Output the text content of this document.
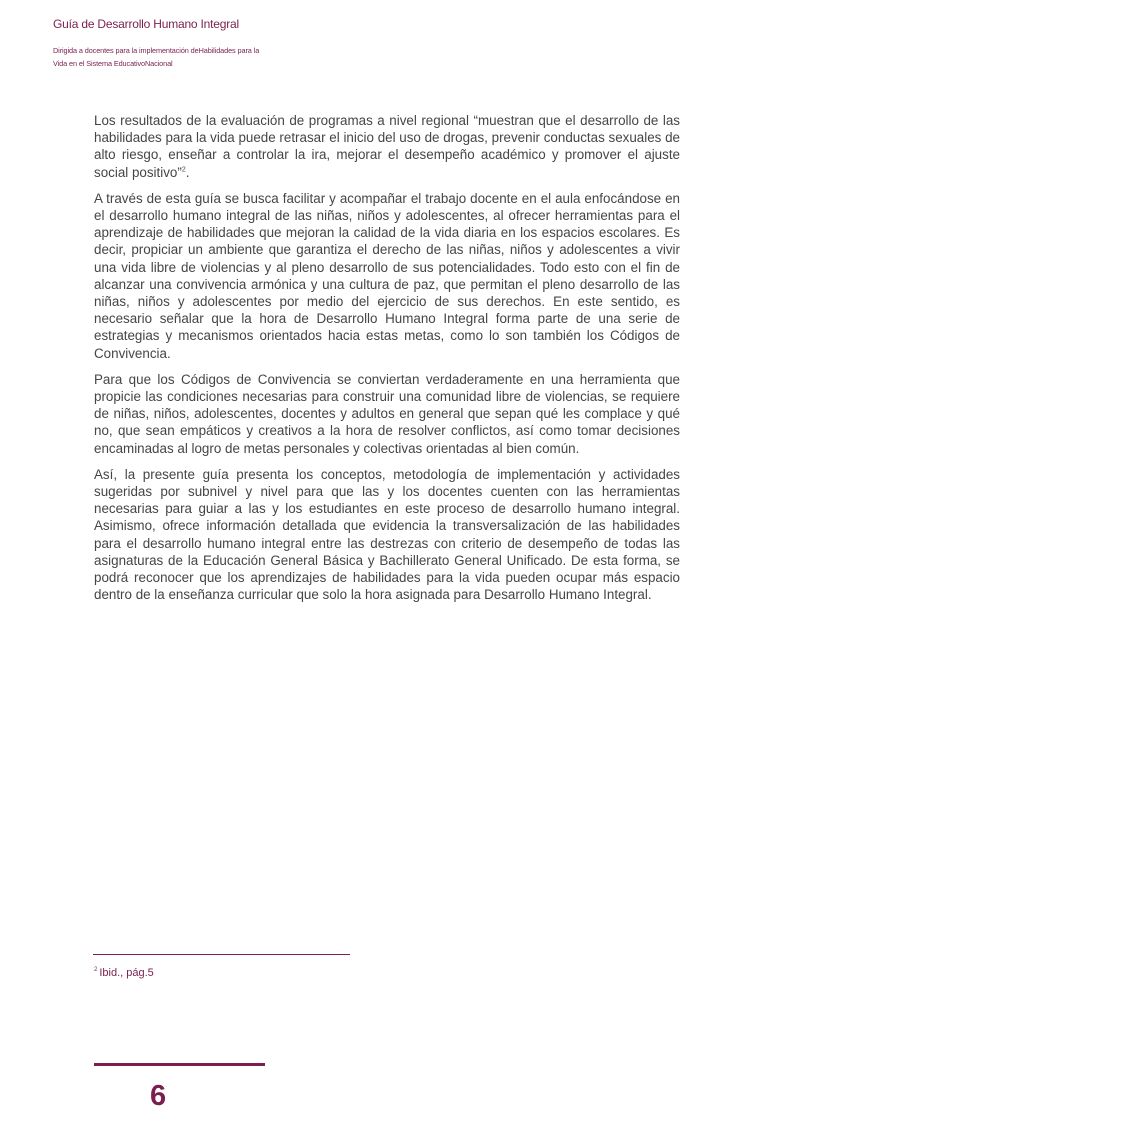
Guía de Desarrollo Humano Integral
Dirigida a docentes para la implementación deHabilidades para la
Vida en el Sistema EducativoNacional

Los resultados de la evaluación de programas a nivel regional “muestran que el desarrollo de las habilidades para la vida puede retrasar el inicio del uso de drogas, prevenir conductas sexuales de alto riesgo, enseñar a controlar la ira, mejorar el desempeño académico y promover el ajuste social positivo”$^2$.

A través de esta guía se busca facilitar y acompañar el trabajo docente en el aula enfocándose en el desarrollo humano integral de las niñas, niños y adolescentes, al ofrecer herramientas para el aprendizaje de habilidades que mejoran la calidad de la vida diaria en los espacios escolares. Es decir, propiciar un ambiente que garantiza el derecho de las niñas, niños y adolescentes a vivir una vida libre de violencias y al pleno desarrollo de sus potencialidades. Todo esto con el fin de alcanzar una convivencia armónica y una cultura de paz, que permitan el pleno desarrollo de las niñas, niños y adolescentes por medio del ejercicio de sus derechos. En este sentido, es necesario señalar que la hora de Desarrollo Humano Integral forma parte de una serie de estrategias y mecanismos orientados hacia estas metas, como lo son también los Códigos de Convivencia.

Para que los Códigos de Convivencia se conviertan verdaderamente en una herramienta que propicie las condiciones necesarias para construir una comunidad libre de violencias, se requiere de niñas, niños, adolescentes, docentes y adultos en general que sepan qué les complace y qué no, que sean empáticos y creativos a la hora de resolver conflictos, así como tomar decisiones encaminadas al logro de metas personales y colectivas orientadas al bien común.

Así, la presente guía presenta los conceptos, metodología de implementación y actividades sugeridas por subnivel y nivel para que las y los docentes cuenten con las herramientas necesarias para guiar a las y los estudiantes en este proceso de desarrollo humano integral. Asimismo, ofrece información detallada que evidencia la transversalización de las habilidades para el desarrollo humano integral entre las destrezas con criterio de desempeño de todas las asignaturas de la Educación General Básica y Bachillerato General Unificado. De esta forma, se podrá reconocer que los aprendizajes de habilidades para la vida pueden ocupar más espacio dentro de la enseñanza curricular que solo la hora asignada para Desarrollo Humano Integral.

$^2$ Ibid., pág.5
6
